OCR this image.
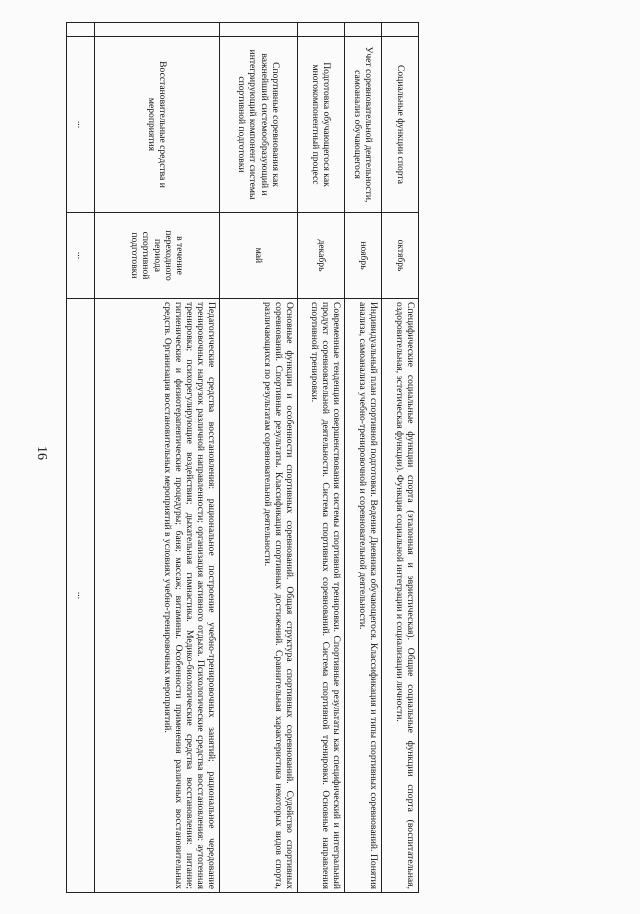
16
	Социальные функции спорта	октябрь	Специфические социальные функции спорта (эталонная и эвристическая). Общие социальные функции спорта (воспитательная, оздоровительная, эстетическая функции). Функция социальной интеграции и социализации личности.
	Учет соревновательной деятельности, самоанализ обучающегося	ноябрь	Индивидуальный план спортивной подготовки. Ведение Дневника обучающегося. Классификация и типы спортивных соревнований. Понятия анализа, самоанализа учебно-тренировочной и соревновательной деятельности.
	Подготовка обучающегося как многокомпонентный процесс	декабрь	Современные тенденции совершенствования системы спортивной тренировки. Спортивные результаты как специфический и интегральный продукт соревновательной деятельности. Система спортивных соревнований. Система спортивной тренировки. Основные направления спортивной тренировки.
	Спортивные соревнования как важнейший системообразующий и интегрирующий компонент системы спортивной подготовки	май	Основные функции и особенности спортивных соревнований. Общая структура спортивных соревнований. Судейство спортивных соревнований. Спортивные результаты. Классификация спортивных достижений. Сравнительная характеристика некоторых видов спорта, различающихся по результатам соревновательной деятельности.
	Восстановительные средства и мероприятия	в течение переходного периода спортивной подготовки	Педагогические средства восстановления: рациональное построение учебно-тренировочных занятий; рациональное чередование тренировочных нагрузок различной направленности; организация активного отдыха. Психологические средства восстановления: аутогенная тренировка; психорегулирующие воздействия; дыхательная гимнастика. Медико-биологические средства восстановления: питание; гигиенические и физиотерапевтические процедуры; баня; массаж; витамины. Особенности применения различных восстановительных средств. Организация восстановительных мероприятий в условиях учебно-тренировочных мероприятий.
	...	...	...
